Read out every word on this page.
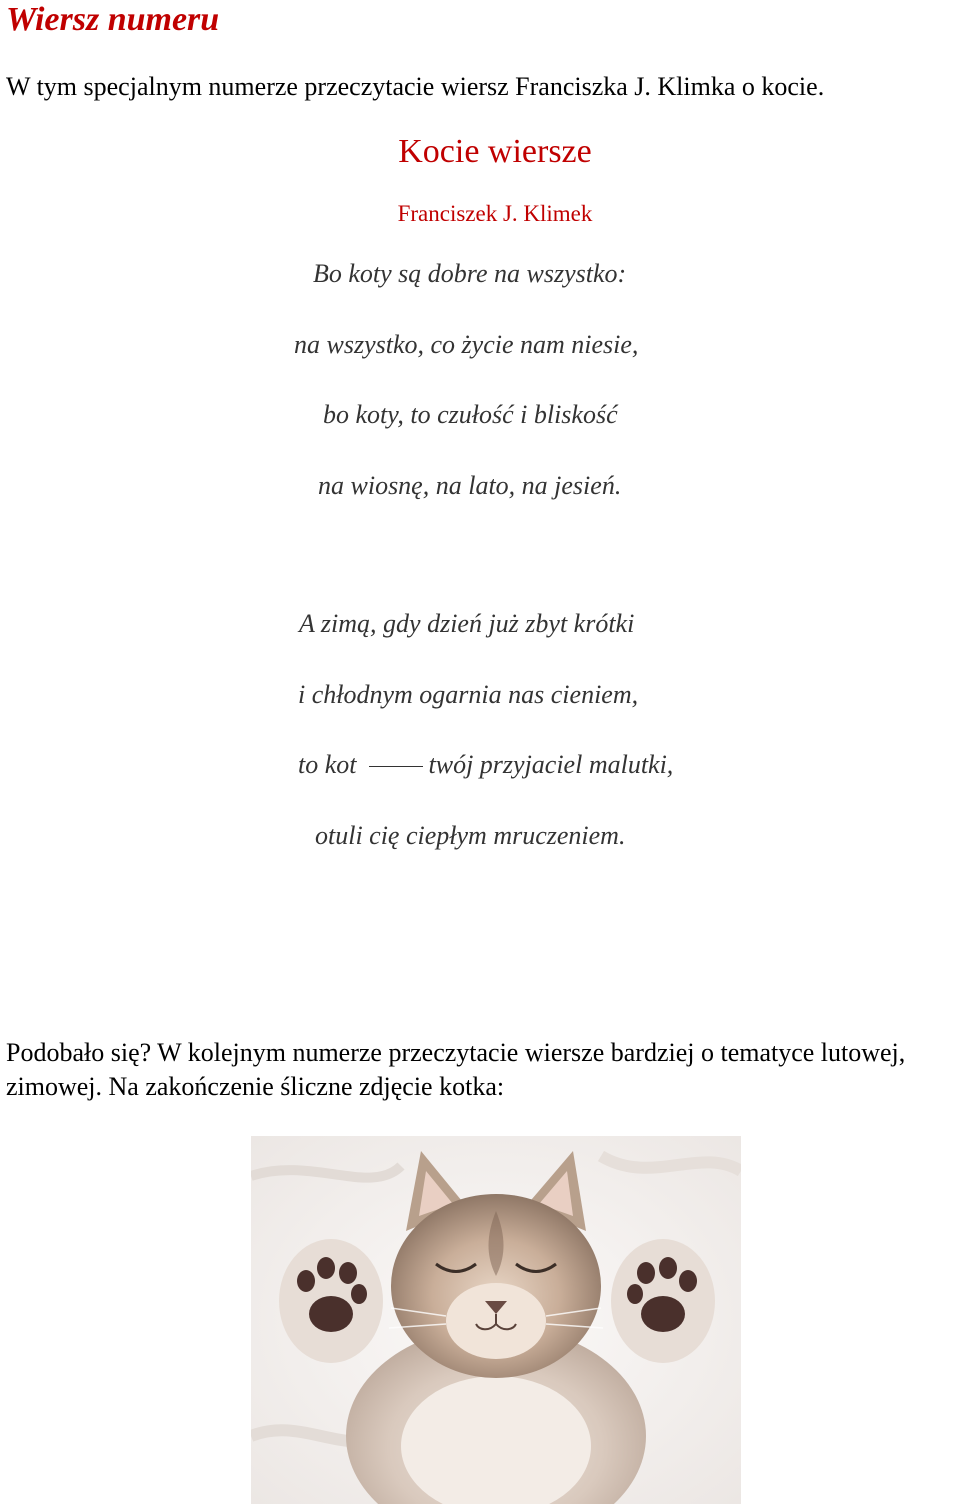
Wiersz numeru

W tym specjalnym numerze przeczytacie wiersz Franciszka J. Klimka o kocie.

Kocie wiersze

Franciszek J. Klimek

Bo koty są dobre na wszystko:

na wszystko, co życie nam niesie,

bo koty, to czułość i bliskość

na wiosnę, na lato, na jesień.

A zimą, gdy dzień już zbyt krótki

i chłodnym ogarnia nas cieniem,

to kot	twój przyjaciel malutki,

otuli cię ciepłym mruczeniem.

Podobało się? W kolejnym numerze przeczytacie wiersze bardziej o tematyce lutowej, zimowej. Na zakończenie śliczne zdjęcie kotka:
